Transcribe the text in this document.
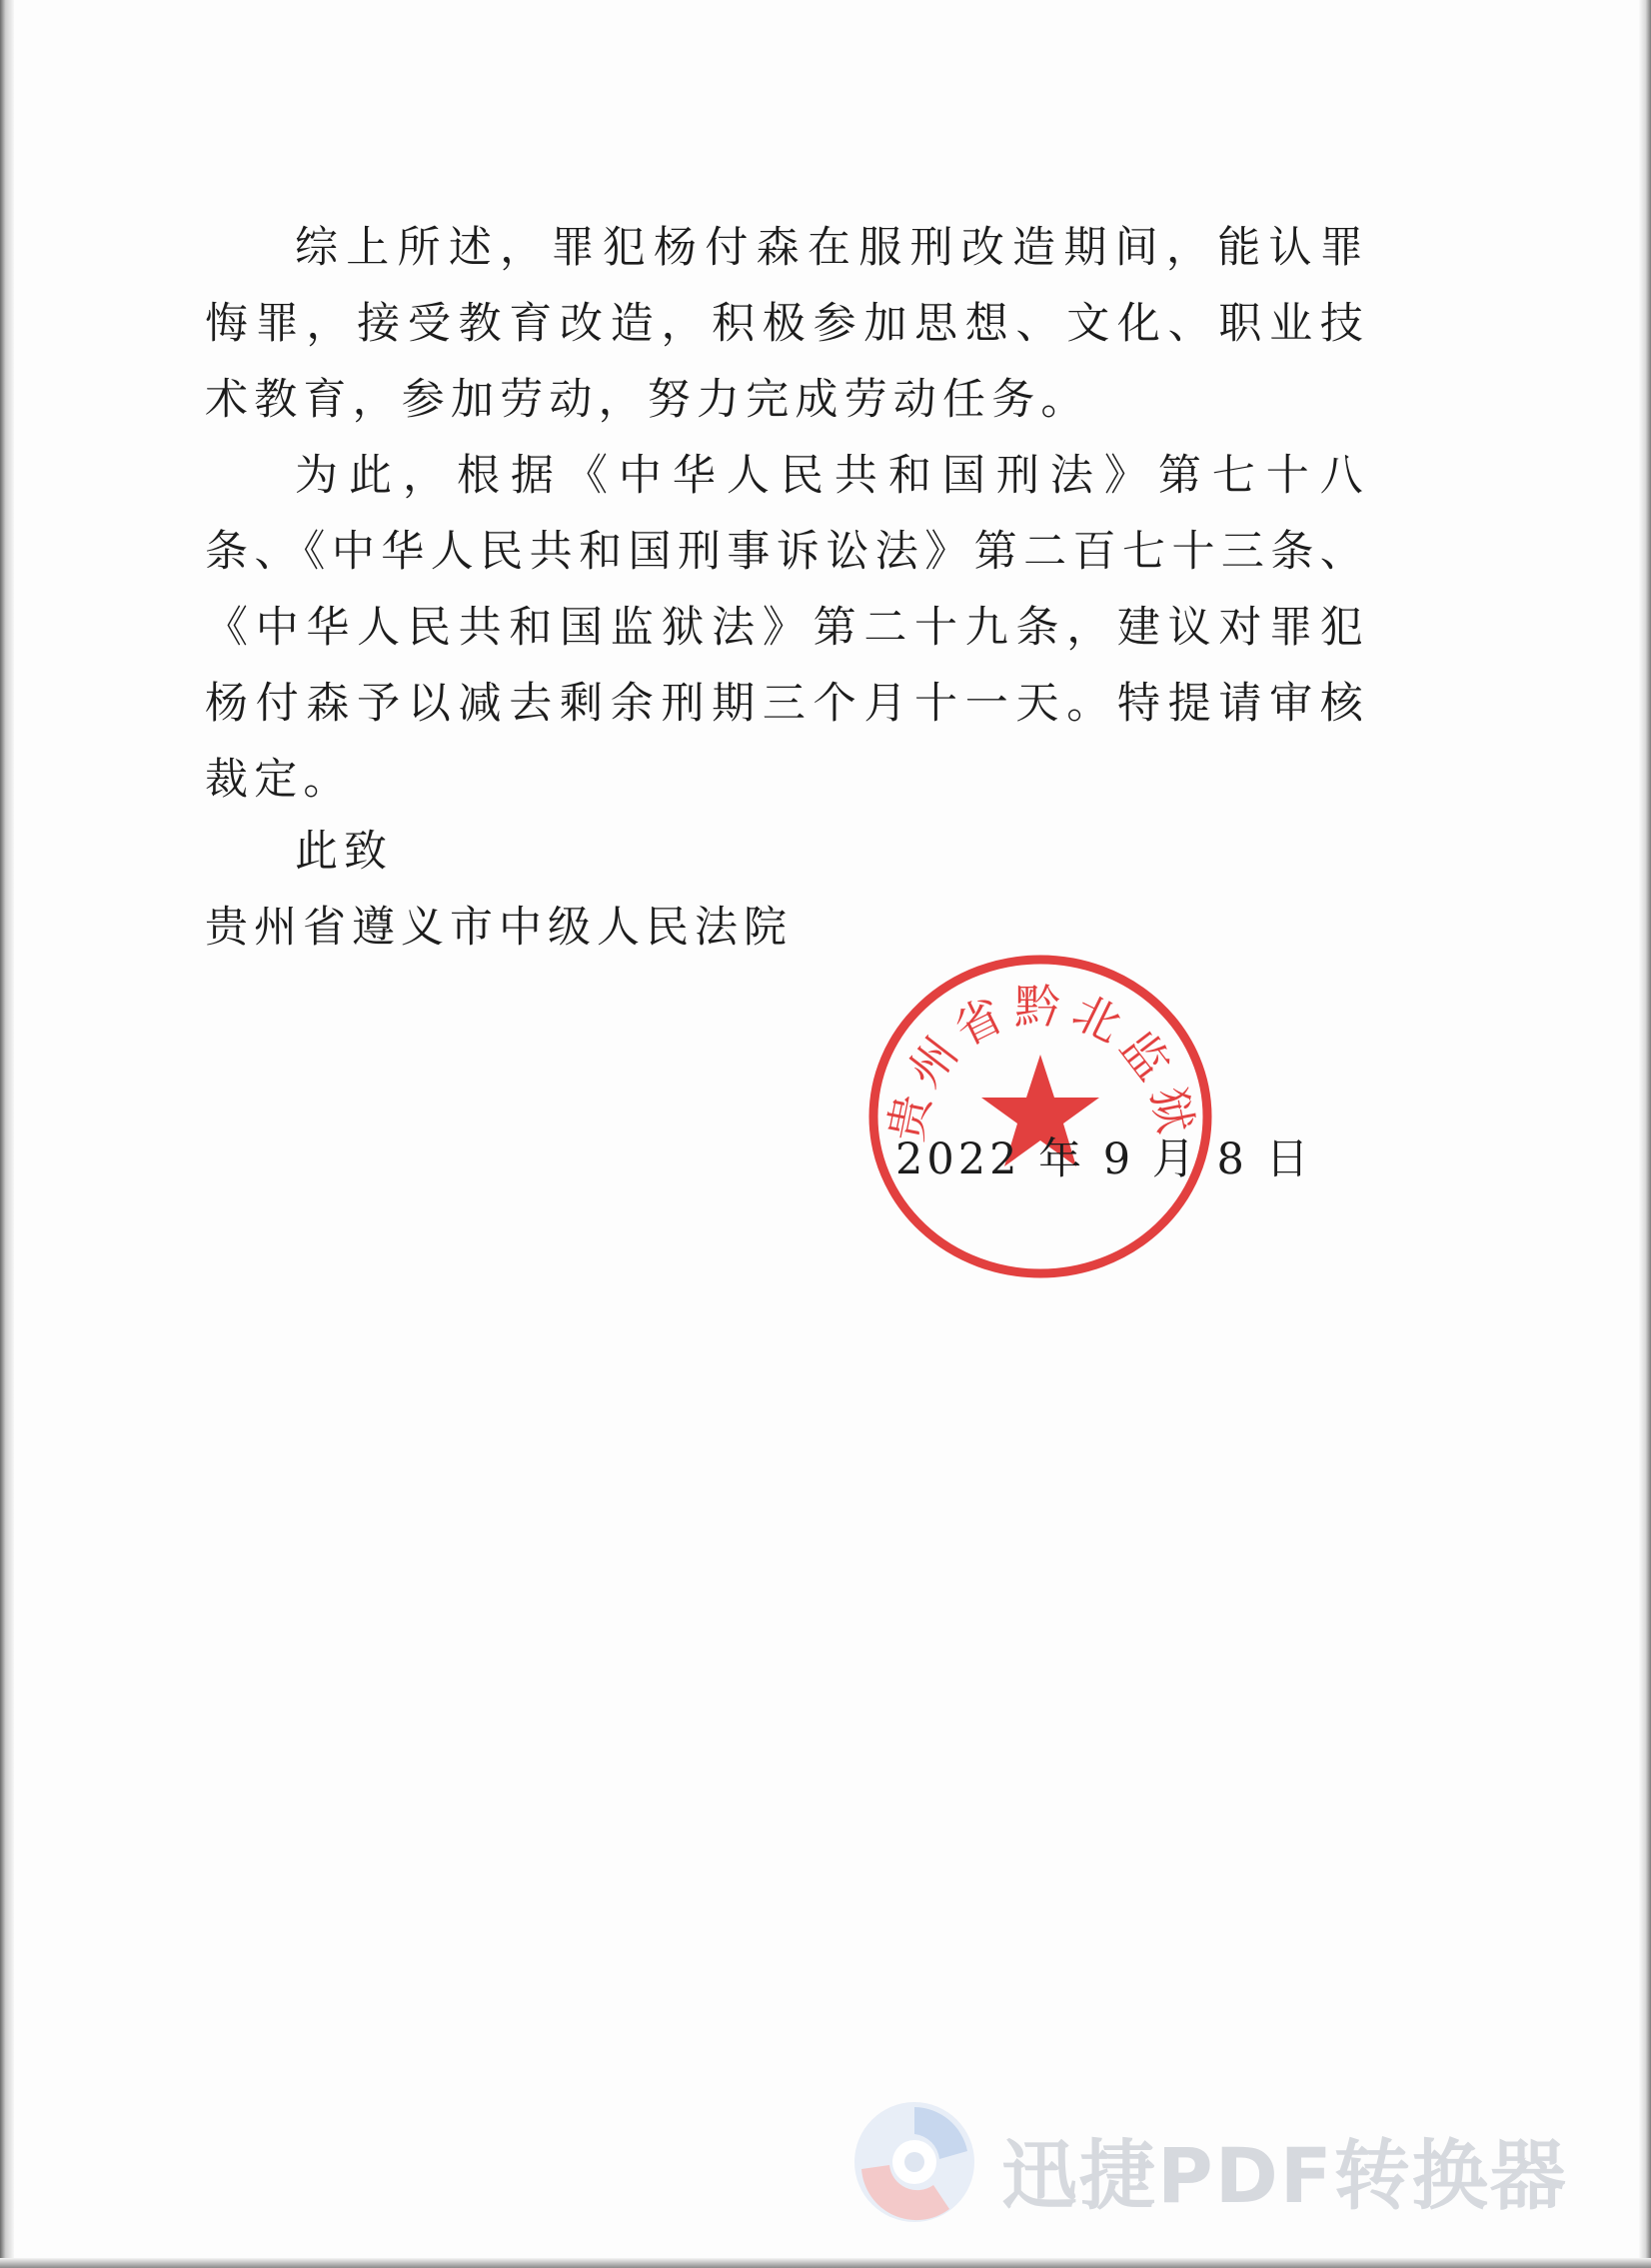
综上所述，罪犯杨付森在服刑改造期间，能认罪悔罪，接受教育改造，积极参加思想、文化、职业技术教育，参加劳动，努力完成劳动任务。

为此，根据《中华人民共和国刑法》第七十八条、《中华人民共和国刑事诉讼法》第二百七十三条、《中华人民共和国监狱法》第二十九条，建议对罪犯杨付森予以减去剩余刑期三个月十一天。特提请审核裁定。

此致
贵州省遵义市中级人民法院
贵州省黔北监狱
2022 年 9 月 8 日
迅捷PDF转换器
